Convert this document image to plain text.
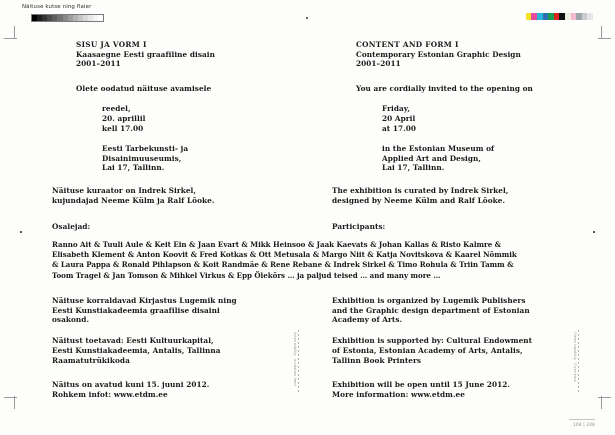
Näituse kutse ning flaier
SISU JA VORM I
Kaasaegne Eesti graafiline disain
2001–2011
Olete oodatud näituse avamisele
reedel,
20. aprillil
kell 17.00
Eesti Tarbekunsti- ja
Disainimuuseumis,
Lai 17, Tallinn.
CONTENT AND FORM I
Contemporary Estonian Graphic Design
2001–2011
You are cordially invited to the opening on
Friday,
20 April
at 17.00
in the Estonian Museum of
Applied Art and Design,
Lai 17, Tallinn.
Näituse kuraator on Indrek Sirkel,
kujundajad Neeme Külm ja Ralf Lõoke.
The exhibition is curated by Indrek Sirkel,
designed by Neeme Külm and Ralf Lõoke.
Osalejad:	Participants:
Ranno Ait & Tuuli Aule & Keit Ein & Jaan Evart & Mikk Heinsoo & Jaak Kaevats & Johan Kallas & Risto Kalmre &
Elisabeth Klement & Anton Koovit & Fred Kotkas & Ott Metusala & Margo Niit & Katja Novitskova & Kaarel Nõmmik
& Laura Pappa & Ronald Pihlapson & Koit Randmäe & Rene Rebane & Indrek Sirkel & Timo Rohula & Triin Tamm &
Toom Tragel & Jan Tomson & Mihkel Virkus & Epp Ölekõrs … ja paljud teised … and many more …
Näituse korraldavad Kirjastus Lugemik ning
Eesti Kunstiakadeemia graafilise disaini
osakond.
Näitust toetavad: Eesti Kultuurkapital,
Eesti Kunstiakadeemia, Antalis, Tallinna
Raamatutrükikoda
Näitus on avatud kuni 15. juuni 2012.
Rohkem infot: www.etdm.ee
Exhibition is organized by Lugemik Publishers
and the Graphic design department of Estonian
Academy of Arts.
Exhibition is supported by: Cultural Endowment
of Estonia, Estonian Academy of Arts, Antalis,
Tallinn Book Printers
Exhibition will be open until 15 June 2012.
More information: www.etdm.ee
Kutse esikülg · Invitation front	Flaieri tagakülg · Flyer back
104 | 248
